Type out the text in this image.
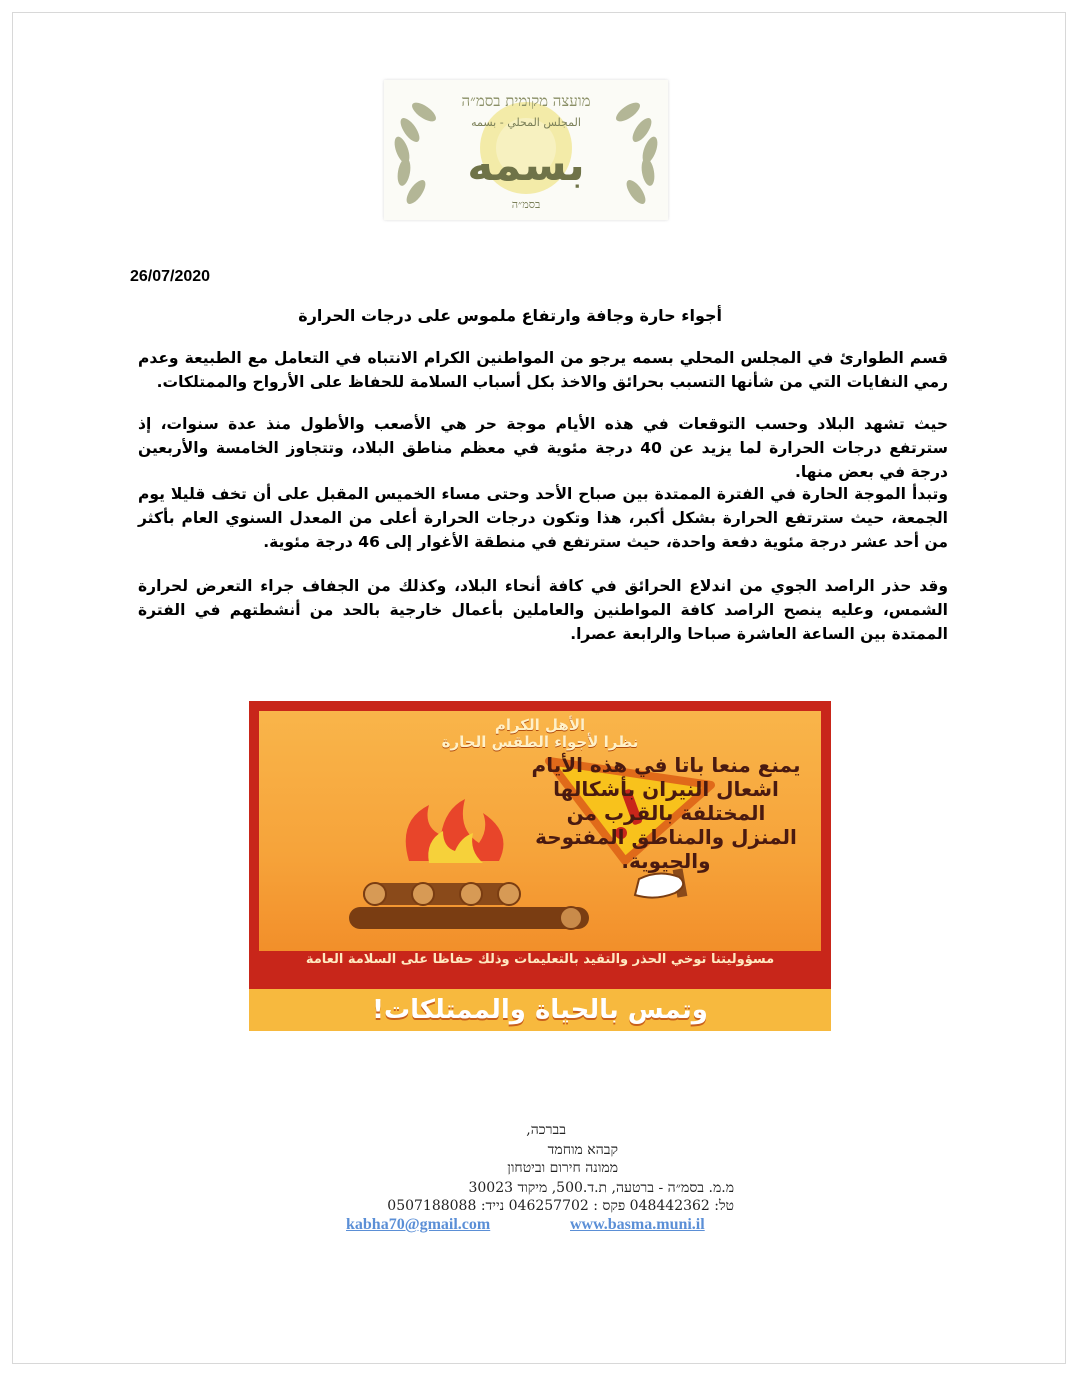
מועצה מקומית בסמ״ה
المجلس المحلي - بسمه
بسمه
בסמ״ה
26/07/2020
أجواء حارة وجافة وارتفاع ملموس على درجات الحرارة
قسم الطوارئ في المجلس المحلي بسمه يرجو من المواطنين الكرام الانتباه في التعامل مع الطبيعة وعدم رمي النفايات التي من شأنها التسبب بحرائق والاخذ بكل أسباب السلامة للحفاظ على الأرواح والممتلكات.
حيث تشهد البلاد وحسب التوقعات في هذه الأيام موجة حر هي الأصعب والأطول منذ عدة سنوات، إذ سترتفع درجات الحرارة لما يزيد عن 40 درجة مئوية في معظم مناطق البلاد، وتتجاوز الخامسة والأربعين درجة في بعض منها.
وتبدأ الموجة الحارة في الفترة الممتدة بين صباح الأحد وحتى مساء الخميس المقبل على أن تخف قليلا يوم الجمعة، حيث سترتفع الحرارة بشكل أكبر، هذا وتكون درجات الحرارة أعلى من المعدل السنوي العام بأكثر من أحد عشر درجة مئوية دفعة واحدة، حيث سترتفع في منطقة الأغوار إلى 46 درجة مئوية.
وقد حذر الراصد الجوي من اندلاع الحرائق في كافة أنحاء البلاد، وكذلك من الجفاف جراء التعرض لحرارة الشمس، وعليه ينصح الراصد كافة المواطنين والعاملين بأعمال خارجية بالحد من أنشطتهم في الفترة الممتدة بين الساعة العاشرة صباحا والرابعة عصرا.
الأهل الكرام
نظرا لأجواء الطقس الحارة
يمنع منعا باتا في هذه الأيام اشعال النيران بأشكالها المختلفة بالقرب من المنزل والمناطق المفتوحة والحيوية.
مسؤوليتنا توخي الحذر والتقيد بالتعليمات وذلك حفاظا على السلامة العامة
وتمس بالحياة والممتلكات!
בברכה,
קבהא מוחמד
ממונה חירום וביטחון
מ.מ. בסמ״ה - ברטעה, ת.ד.500, מיקוד 30023
טל: 048442362 פקס : 046257702 נייד: 0507188088
kabha70@gmail.com	www.basma.muni.il
